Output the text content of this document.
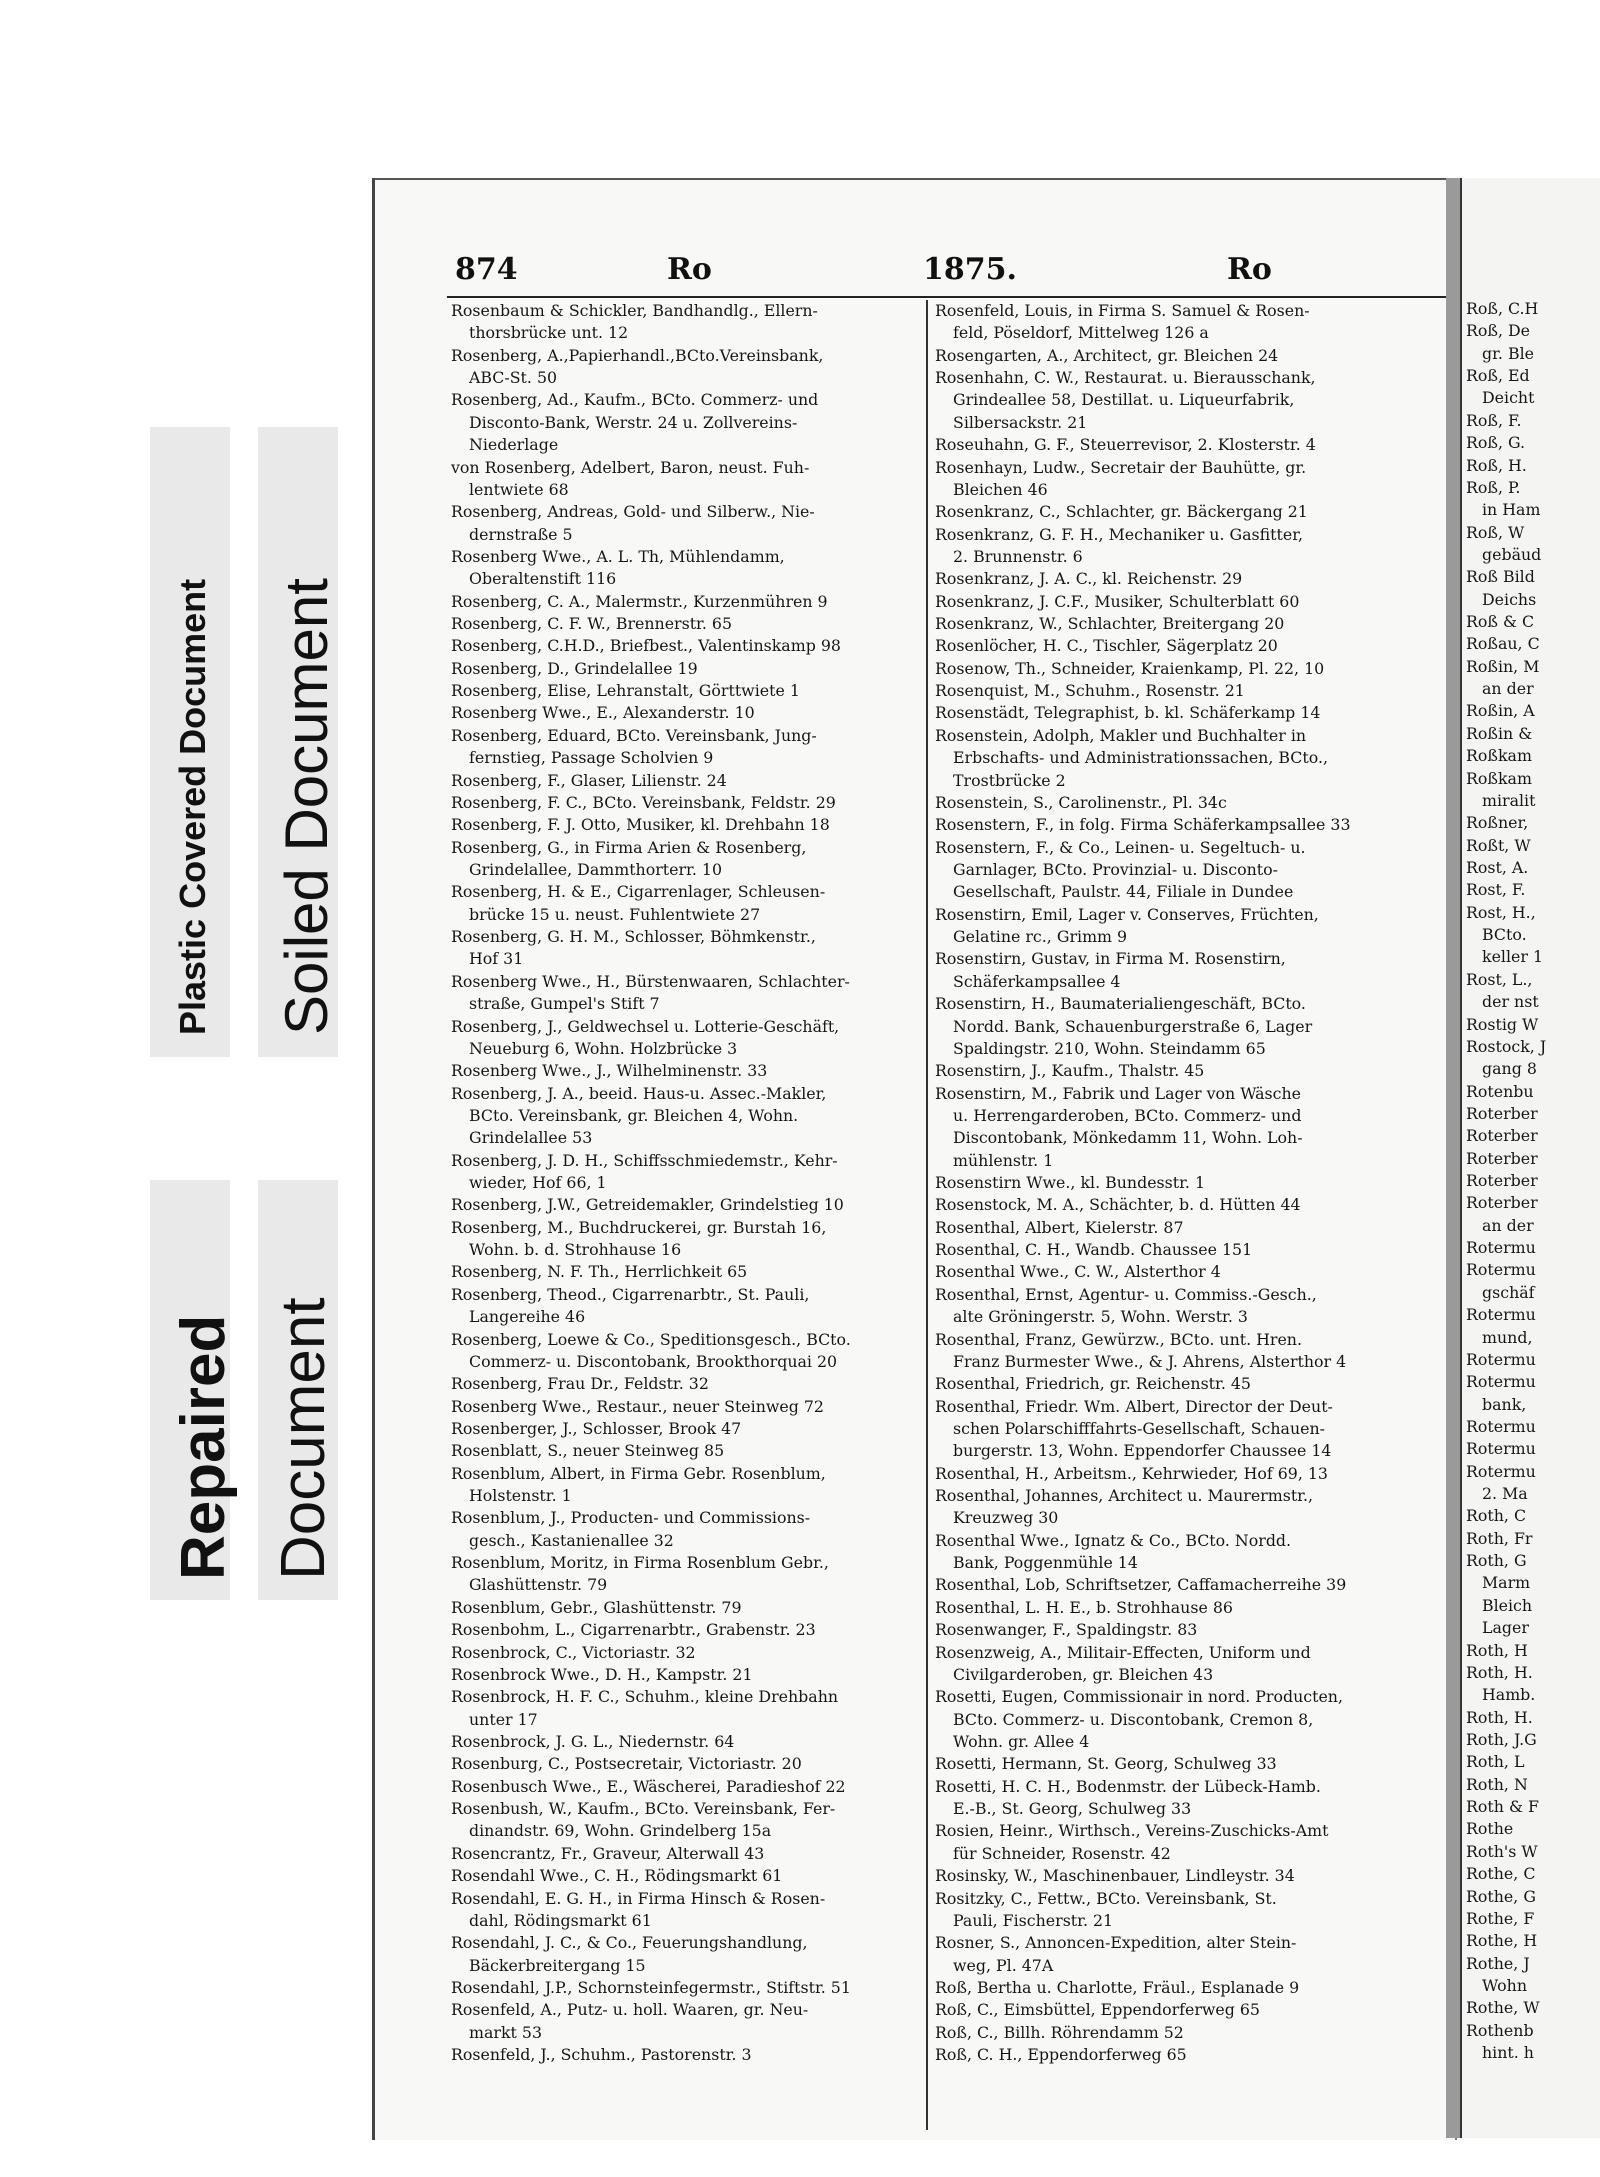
Plastic Covered Document Soiled Document
Repaired Document
874	Ro	1875.	Ro
Rosenbaum & Schickler, Bandhandlg., Ellern-
thorsbrücke unt. 12
Rosenberg, A.,Papierhandl.,BCto.Vereinsbank,
ABC-St. 50
Rosenberg, Ad., Kaufm., BCto. Commerz- und
Disconto-Bank, Werstr. 24 u. Zollvereins-
Niederlage
von Rosenberg, Adelbert, Baron, neust. Fuh-
lentwiete 68
Rosenberg, Andreas, Gold- und Silberw., Nie-
dernstraße 5
Rosenberg Wwe., A. L. Th, Mühlendamm,
Oberaltenstift 116
Rosenberg, C. A., Malermstr., Kurzenmühren 9
Rosenberg, C. F. W., Brennerstr. 65
Rosenberg, C.H.D., Briefbest., Valentinskamp 98
Rosenberg, D., Grindelallee 19
Rosenberg, Elise, Lehranstalt, Görttwiete 1
Rosenberg Wwe., E., Alexanderstr. 10
Rosenberg, Eduard, BCto. Vereinsbank, Jung-
fernstieg, Passage Scholvien 9
Rosenberg, F., Glaser, Lilienstr. 24
Rosenberg, F. C., BCto. Vereinsbank, Feldstr. 29
Rosenberg, F. J. Otto, Musiker, kl. Drehbahn 18
Rosenberg, G., in Firma Arien & Rosenberg,
Grindelallee, Dammthorterr. 10
Rosenberg, H. & E., Cigarrenlager, Schleusen-
brücke 15 u. neust. Fuhlentwiete 27
Rosenberg, G. H. M., Schlosser, Böhmkenstr.,
Hof 31
Rosenberg Wwe., H., Bürstenwaaren, Schlachter-
straße, Gumpel's Stift 7
Rosenberg, J., Geldwechsel u. Lotterie-Geschäft,
Neueburg 6, Wohn. Holzbrücke 3
Rosenberg Wwe., J., Wilhelminenstr. 33
Rosenberg, J. A., beeid. Haus-u. Assec.-Makler,
BCto. Vereinsbank, gr. Bleichen 4, Wohn.
Grindelallee 53
Rosenberg, J. D. H., Schiffsschmiedemstr., Kehr-
wieder, Hof 66, 1
Rosenberg, J.W., Getreidemakler, Grindelstieg 10
Rosenberg, M., Buchdruckerei, gr. Burstah 16,
Wohn. b. d. Strohhause 16
Rosenberg, N. F. Th., Herrlichkeit 65
Rosenberg, Theod., Cigarrenarbtr., St. Pauli,
Langereihe 46
Rosenberg, Loewe & Co., Speditionsgesch., BCto.
Commerz- u. Discontobank, Brookthorquai 20
Rosenberg, Frau Dr., Feldstr. 32
Rosenberg Wwe., Restaur., neuer Steinweg 72
Rosenberger, J., Schlosser, Brook 47
Rosenblatt, S., neuer Steinweg 85
Rosenblum, Albert, in Firma Gebr. Rosenblum,
Holstenstr. 1
Rosenblum, J., Producten- und Commissions-
gesch., Kastanienallee 32
Rosenblum, Moritz, in Firma Rosenblum Gebr.,
Glashüttenstr. 79
Rosenblum, Gebr., Glashüttenstr. 79
Rosenbohm, L., Cigarrenarbtr., Grabenstr. 23
Rosenbrock, C., Victoriastr. 32
Rosenbrock Wwe., D. H., Kampstr. 21
Rosenbrock, H. F. C., Schuhm., kleine Drehbahn
unter 17
Rosenbrock, J. G. L., Niedernstr. 64
Rosenburg, C., Postsecretair, Victoriastr. 20
Rosenbusch Wwe., E., Wäscherei, Paradieshof 22
Rosenbush, W., Kaufm., BCto. Vereinsbank, Fer-
dinandstr. 69, Wohn. Grindelberg 15a
Rosencrantz, Fr., Graveur, Alterwall 43
Rosendahl Wwe., C. H., Rödingsmarkt 61
Rosendahl, E. G. H., in Firma Hinsch & Rosen-
dahl, Rödingsmarkt 61
Rosendahl, J. C., & Co., Feuerungshandlung,
Bäckerbreitergang 15
Rosendahl, J.P., Schornsteinfegermstr., Stiftstr. 51
Rosenfeld, A., Putz- u. holl. Waaren, gr. Neu-
markt 53
Rosenfeld, J., Schuhm., Pastorenstr. 3
Rosenfeld, Louis, in Firma S. Samuel & Rosen-
feld, Pöseldorf, Mittelweg 126 a
Rosengarten, A., Architect, gr. Bleichen 24
Rosenhahn, C. W., Restaurat. u. Bierausschank,
Grindeallee 58, Destillat. u. Liqueurfabrik,
Silbersackstr. 21
Roseuhahn, G. F., Steuerrevisor, 2. Klosterstr. 4
Rosenhayn, Ludw., Secretair der Bauhütte, gr.
Bleichen 46
Rosenkranz, C., Schlachter, gr. Bäckergang 21
Rosenkranz, G. F. H., Mechaniker u. Gasfitter,
2. Brunnenstr. 6
Rosenkranz, J. A. C., kl. Reichenstr. 29
Rosenkranz, J. C.F., Musiker, Schulterblatt 60
Rosenkranz, W., Schlachter, Breitergang 20
Rosenlöcher, H. C., Tischler, Sägerplatz 20
Rosenow, Th., Schneider, Kraienkamp, Pl. 22, 10
Rosenquist, M., Schuhm., Rosenstr. 21
Rosenstädt, Telegraphist, b. kl. Schäferkamp 14
Rosenstein, Adolph, Makler und Buchhalter in
Erbschafts- und Administrationssachen, BCto.,
Trostbrücke 2
Rosenstein, S., Carolinenstr., Pl. 34c
Rosenstern, F., in folg. Firma Schäferkampsallee 33
Rosenstern, F., & Co., Leinen- u. Segeltuch- u.
Garnlager, BCto. Provinzial- u. Disconto-
Gesellschaft, Paulstr. 44, Filiale in Dundee
Rosenstirn, Emil, Lager v. Conserves, Früchten,
Gelatine rc., Grimm 9
Rosenstirn, Gustav, in Firma M. Rosenstirn,
Schäferkampsallee 4
Rosenstirn, H., Baumaterialiengeschäft, BCto.
Nordd. Bank, Schauenburgerstraße 6, Lager
Spaldingstr. 210, Wohn. Steindamm 65
Rosenstirn, J., Kaufm., Thalstr. 45
Rosenstirn, M., Fabrik und Lager von Wäsche
u. Herrengarderoben, BCto. Commerz- und
Discontobank, Mönkedamm 11, Wohn. Loh-
mühlenstr. 1
Rosenstirn Wwe., kl. Bundesstr. 1
Rosenstock, M. A., Schächter, b. d. Hütten 44
Rosenthal, Albert, Kielerstr. 87
Rosenthal, C. H., Wandb. Chaussee 151
Rosenthal Wwe., C. W., Alsterthor 4
Rosenthal, Ernst, Agentur- u. Commiss.-Gesch.,
alte Gröningerstr. 5, Wohn. Werstr. 3
Rosenthal, Franz, Gewürzw., BCto. unt. Hren.
Franz Burmester Wwe., & J. Ahrens, Alsterthor 4
Rosenthal, Friedrich, gr. Reichenstr. 45
Rosenthal, Friedr. Wm. Albert, Director der Deut-
schen Polarschifffahrts-Gesellschaft, Schauen-
burgerstr. 13, Wohn. Eppendorfer Chaussee 14
Rosenthal, H., Arbeitsm., Kehrwieder, Hof 69, 13
Rosenthal, Johannes, Architect u. Maurermstr.,
Kreuzweg 30
Rosenthal Wwe., Ignatz & Co., BCto. Nordd.
Bank, Poggenmühle 14
Rosenthal, Lob, Schriftsetzer, Caffamacherreihe 39
Rosenthal, L. H. E., b. Strohhause 86
Rosenwanger, F., Spaldingstr. 83
Rosenzweig, A., Militair-Effecten, Uniform und
Civilgarderoben, gr. Bleichen 43
Rosetti, Eugen, Commissionair in nord. Producten,
BCto. Commerz- u. Discontobank, Cremon 8,
Wohn. gr. Allee 4
Rosetti, Hermann, St. Georg, Schulweg 33
Rosetti, H. C. H., Bodenmstr. der Lübeck-Hamb.
E.-B., St. Georg, Schulweg 33
Rosien, Heinr., Wirthsch., Vereins-Zuschicks-Amt
für Schneider, Rosenstr. 42
Rosinsky, W., Maschinenbauer, Lindleystr. 34
Rositzky, C., Fettw., BCto. Vereinsbank, St.
Pauli, Fischerstr. 21
Rosner, S., Annoncen-Expedition, alter Stein-
weg, Pl. 47A
Roß, Bertha u. Charlotte, Fräul., Esplanade 9
Roß, C., Eimsbüttel, Eppendorferweg 65
Roß, C., Billh. Röhrendamm 52
Roß, C. H., Eppendorferweg 65
Roß, C.H
Roß, De
gr. Ble
Roß, Ed
Deicht
Roß, F.
Roß, G.
Roß, H.
Roß, P.
in Ham
Roß, W
gebäud
Roß Bild
Deichs
Roß & C
Roßau, C
Roßin, M
an der
Roßin, A
Roßin &
Roßkam
Roßkam
miralit
Roßner,
Roßt, W
Rost, A.
Rost, F.
Rost, H.,
BCto.
keller 1
Rost, L.,
der nst
Rostig W
Rostock, J
gang 8
Rotenbu
Roterber
Roterber
Roterber
Roterber
Roterber
an der
Rotermu
Rotermu
gschäf
Rotermu
mund,
Rotermu
Rotermu
bank,
Rotermu
Rotermu
Rotermu
2. Ma
Roth, C
Roth, Fr
Roth, G
Marm
Bleich
Lager
Roth, H
Roth, H.
Hamb.
Roth, H.
Roth, J.G
Roth, L
Roth, N
Roth & F
Rothe
Roth's W
Rothe, C
Rothe, G
Rothe, F
Rothe, H
Rothe, J
Wohn
Rothe, W
Rothenb
hint. h
